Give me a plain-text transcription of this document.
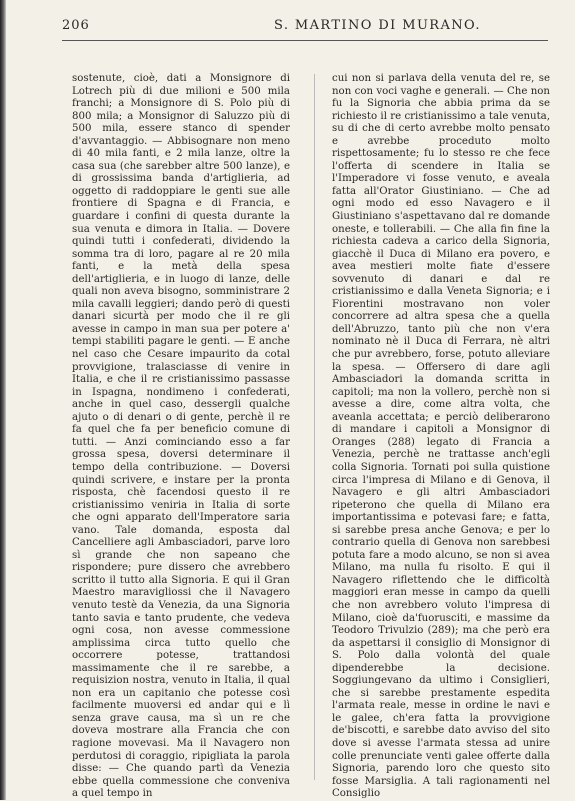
206	S. MARTINO DI MURANO.

sostenute, cioè, dati a Monsignore di Lotrech più di due milioni e 500 mila franchi; a Monsignore di S. Polo più di 800 mila; a Monsignor di Saluzzo più di 500 mila, essere stanco di spender d'avvantaggio. — Abbisognare non meno di 40 mila fanti, e 2 mila lanze, oltre la casa sua (che sarebber altre 500 lanze), e di grossissima banda d'artiglieria, ad oggetto di raddoppiare le genti sue alle frontiere di Spagna e di Francia, e guardare i confini di questa durante la sua venuta e dimora in Italia. — Dovere quindi tutti i confederati, dividendo la somma tra di loro, pagare al re 20 mila fanti, e la metà della spesa dell'artiglieria, e in luogo di lanze, delle quali non aveva bisogno, somministrare 2 mila cavalli leggieri; dando però di questi danari sicurtà per modo che il re gli avesse in campo in man sua per potere a' tempi stabiliti pagare le genti. — E anche nel caso che Cesare impaurito da cotal provvigione, tralasciasse di venire in Italia, e che il re cristianissimo passasse in Ispagna, nondimeno i confederati, anche in quel caso, dessergli qualche ajuto o di denari o di gente, perchè il re fa quel che fa per beneficio comune di tutti. — Anzi cominciando esso a far grossa spesa, doversi determinare il tempo della contribuzione. — Doversi quindi scrivere, e instare per la pronta risposta, chè facendosi questo il re cristianissimo veniria in Italia di sorte che ogni apparato dell'Imperatore saria vano. Tale domanda, esposta dal Cancelliere agli Ambasciadori, parve loro sì grande che non sapeano che rispondere; pure dissero che avrebbero scritto il tutto alla Signoria. E qui il Gran Maestro maravigliossi che il Navagero venuto testè da Venezia, da una Signoria tanto savia e tanto prudente, che vedeva ogni cosa, non avesse commessione amplissima circa tutto quello che occorrere potesse, trattandosi massimamente che il re sarebbe, a requisizion nostra, venuto in Italia, il qual non era un capitanio che potesse così facilmente muoversi ed andar qui e lì senza grave causa, ma sì un re che doveva mostrare alla Francia che con ragione movevasi. Ma il Navagero non perdutosi di coraggio, ripigliata la parola disse: — Che quando partì da Venezia ebbe quella commessione che conveniva a quel tempo in

cui non si parlava della venuta del re, se non con voci vaghe e generali. — Che non fu la Signoria che abbia prima da se richiesto il re cristianissimo a tale venuta, su di che di certo avrebbe molto pensato e avrebbe proceduto molto rispettosamente; fu lo stesso re che fece l'offerta di scendere in Italia se l'Imperadore vi fosse venuto, e aveala fatta all'Orator Giustiniano. — Che ad ogni modo ed esso Navagero e il Giustiniano s'aspettavano dal re domande oneste, e tollerabili. — Che alla fin fine la richiesta cadeva a carico della Signoria, giacchè il Duca di Milano era povero, e avea mestieri molte fiate d'essere sovvenuto di danari e dal re cristianissimo e dalla Veneta Signoria; e i Fiorentini mostravano non voler concorrere ad altra spesa che a quella dell'Abruzzo, tanto più che non v'era nominato nè il Duca di Ferrara, nè altri che pur avrebbero, forse, potuto alleviare la spesa. — Offersero di dare agli Ambasciadori la domanda scritta in capitoli; ma non la vollero, perchè non si avesse a dire, come altra volta, che aveanla accettata; e perciò deliberarono di mandare i capitoli a Monsignor di Oranges (288) legato di Francia a Venezia, perchè ne trattasse anch'egli colla Signoria. Tornati poi sulla quistione circa l'impresa di Milano e di Genova, il Navagero e gli altri Ambasciadori ripeterono che quella di Milano era importantissima e potevasi fare; e fatta, si sarebbe presa anche Genova; e per lo contrario quella di Genova non sarebbesi potuta fare a modo alcuno, se non si avea Milano, ma nulla fu risolto. E qui il Navagero riflettendo che le difficoltà maggiori eran messe in campo da quelli che non avrebbero voluto l'impresa di Milano, cioè da'fuorusciti, e massime da Teodoro Trivulzio (289); ma che però era da aspettarsi il consiglio di Monsignor di S. Polo dalla volontà del quale dipenderebbe la decisione. Soggiungevano da ultimo i Consiglieri, che si sarebbe prestamente espedita l'armata reale, messe in ordine le navi e le galee, ch'era fatta la provvigione de'biscotti, e sarebbe dato avviso del sito dove si avesse l'armata stessa ad unire colle prenunciate venti galee offerte dalla Signoria, parendo loro che questo sito fosse Marsiglia. A tali ragionamenti nel Consiglio
